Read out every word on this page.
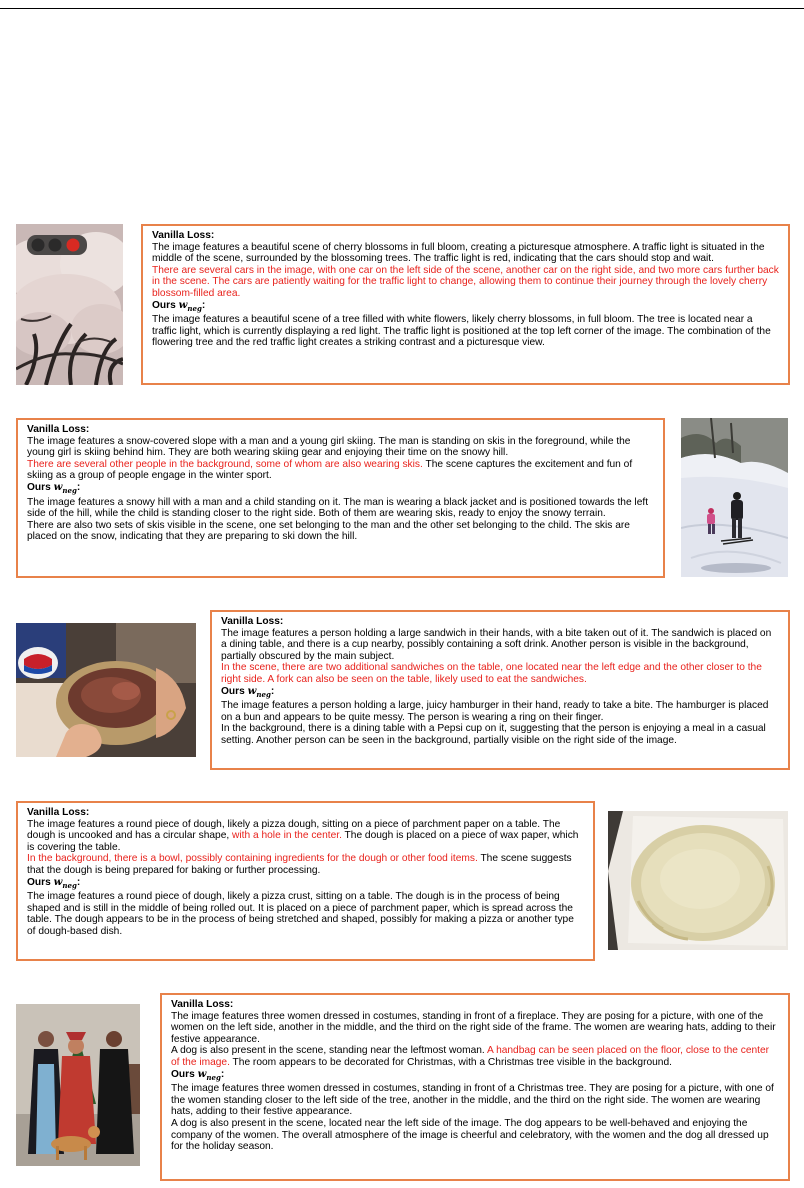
Vanilla Loss:

The image features a beautiful scene of cherry blossoms in full bloom, creating a picturesque atmosphere. A traffic light is situated in the middle of the scene, surrounded by the blossoming trees. The traffic light is red, indicating that the cars should stop and wait.

There are several cars in the image, with one car on the left side of the scene, another car on the right side, and two more cars further back in the scene. The cars are patiently waiting for the traffic light to change, allowing them to continue their journey through the lovely cherry blossom-filled area.

Ours $w_{neg}$:

The image features a beautiful scene of a tree filled with white flowers, likely cherry blossoms, in full bloom. The tree is located near a traffic light, which is currently displaying a red light. The traffic light is positioned at the top left corner of the image. The combination of the flowering tree and the red traffic light creates a striking contrast and a picturesque view.

Vanilla Loss:

The image features a snow-covered slope with a man and a young girl skiing. The man is standing on skis in the foreground, while the young girl is skiing behind him. They are both wearing skiing gear and enjoying their time on the snowy hill.

There are several other people in the background, some of whom are also wearing skis. The scene captures the excitement and fun of skiing as a group of people engage in the winter sport.

Ours $w_{neg}$:

The image features a snowy hill with a man and a child standing on it. The man is wearing a black jacket and is positioned towards the left side of the hill, while the child is standing closer to the right side. Both of them are wearing skis, ready to enjoy the snowy terrain.

There are also two sets of skis visible in the scene, one set belonging to the man and the other set belonging to the child. The skis are placed on the snow, indicating that they are preparing to ski down the hill.

Vanilla Loss:

The image features a person holding a large sandwich in their hands, with a bite taken out of it. The sandwich is placed on a dining table, and there is a cup nearby, possibly containing a soft drink. Another person is visible in the background, partially obscured by the main subject.

In the scene, there are two additional sandwiches on the table, one located near the left edge and the other closer to the right side. A fork can also be seen on the table, likely used to eat the sandwiches.

Ours $w_{neg}$:

The image features a person holding a large, juicy hamburger in their hand, ready to take a bite. The hamburger is placed on a bun and appears to be quite messy. The person is wearing a ring on their finger.

In the background, there is a dining table with a Pepsi cup on it, suggesting that the person is enjoying a meal in a casual setting. Another person can be seen in the background, partially visible on the right side of the image.

Vanilla Loss:

The image features a round piece of dough, likely a pizza dough, sitting on a piece of parchment paper on a table. The dough is uncooked and has a circular shape, with a hole in the center. The dough is placed on a piece of wax paper, which is covering the table.

In the background, there is a bowl, possibly containing ingredients for the dough or other food items. The scene suggests that the dough is being prepared for baking or further processing.

Ours $w_{neg}$:

The image features a round piece of dough, likely a pizza crust, sitting on a table. The dough is in the process of being shaped and is still in the middle of being rolled out. It is placed on a piece of parchment paper, which is spread across the table. The dough appears to be in the process of being stretched and shaped, possibly for making a pizza or another type of dough-based dish.

Vanilla Loss:

The image features three women dressed in costumes, standing in front of a fireplace. They are posing for a picture, with one of the women on the left side, another in the middle, and the third on the right side of the frame. The women are wearing hats, adding to their festive appearance.

A dog is also present in the scene, standing near the leftmost woman. A handbag can be seen placed on the floor, close to the center of the image. The room appears to be decorated for Christmas, with a Christmas tree visible in the background.

Ours $w_{neg}$:

The image features three women dressed in costumes, standing in front of a Christmas tree. They are posing for a picture, with one of the women standing closer to the left side of the tree, another in the middle, and the third on the right side. The women are wearing hats, adding to their festive appearance.

A dog is also present in the scene, located near the left side of the image. The dog appears to be well-behaved and enjoying the company of the women. The overall atmosphere of the image is cheerful and celebratory, with the women and the dog all dressed up for the holiday season.
